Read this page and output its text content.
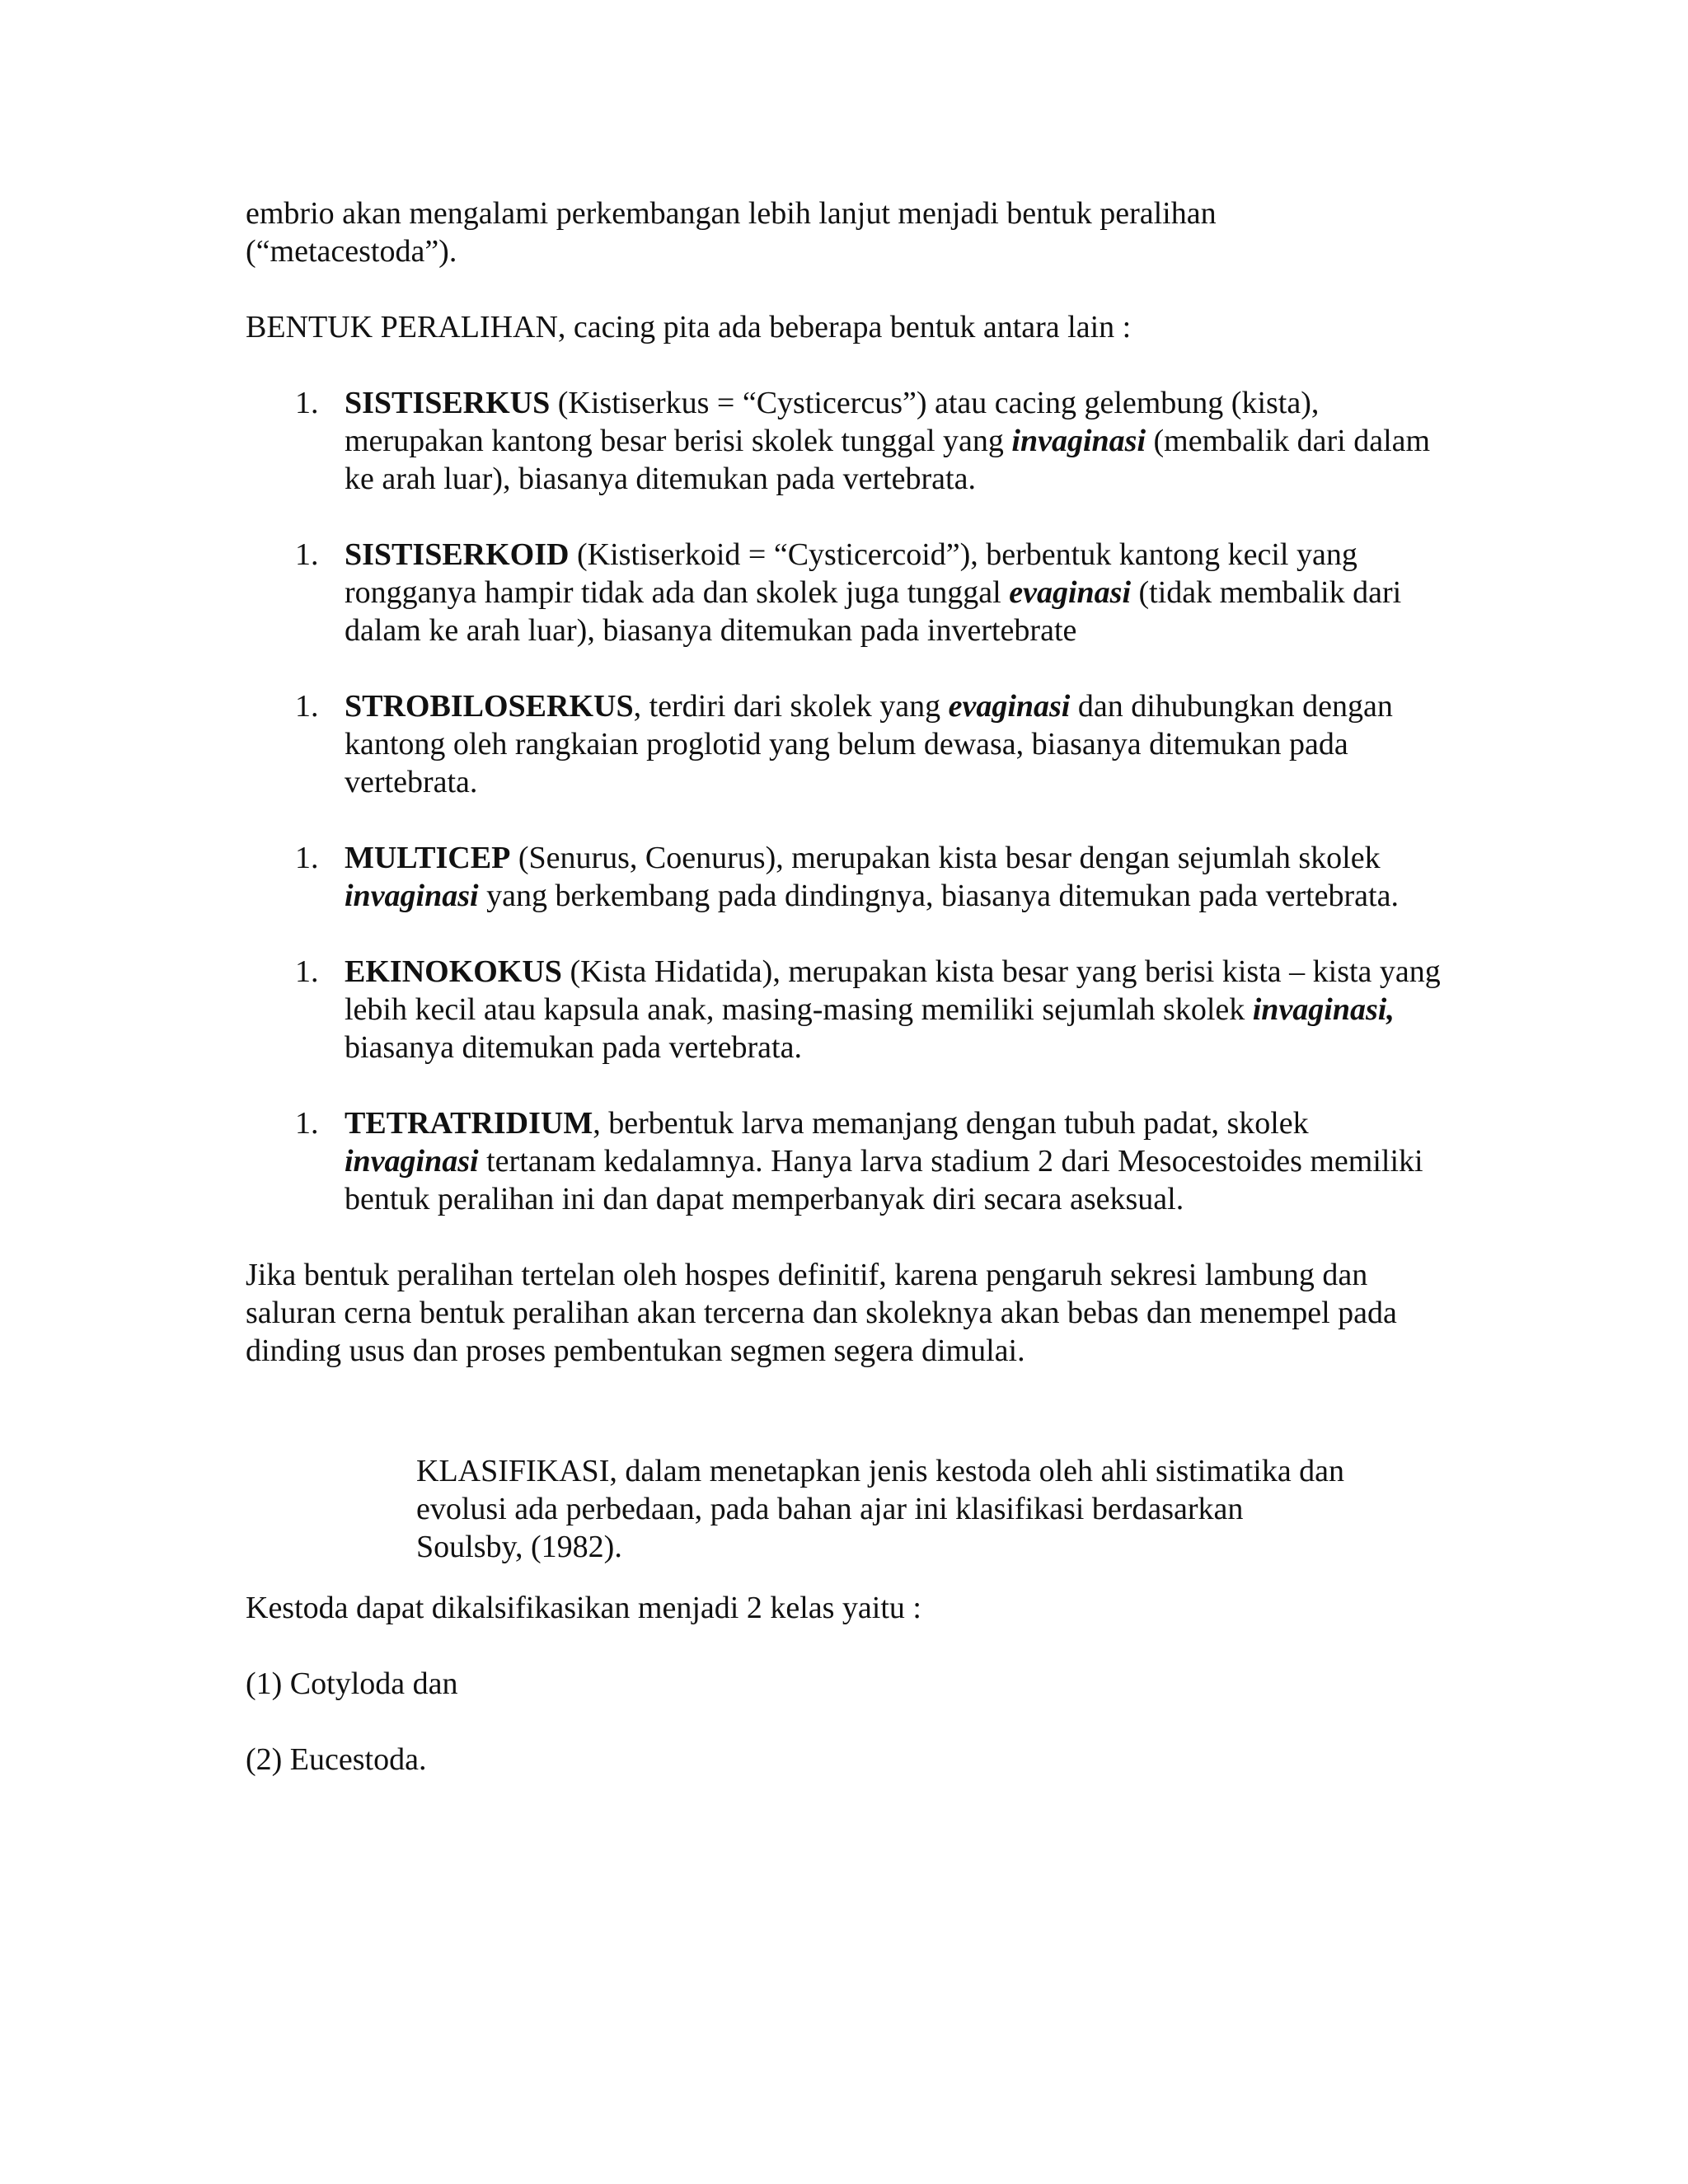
embrio akan mengalami perkembangan lebih lanjut menjadi bentuk peralihan
(“metacestoda”).

BENTUK PERALIHAN, cacing pita ada beberapa bentuk antara lain :

1. SISTISERKUS (Kistiserkus = “Cysticercus”) atau cacing gelembung (kista), merupakan kantong besar berisi skolek tunggal yang invaginasi (membalik dari dalam ke arah luar), biasanya ditemukan pada vertebrata.
1. SISTISERKOID (Kistiserkoid = “Cysticercoid”), berbentuk kantong kecil yang rongganya hampir tidak ada dan skolek juga tunggal evaginasi (tidak membalik dari dalam ke arah luar), biasanya ditemukan pada invertebrate
1. STROBILOSERKUS, terdiri dari skolek yang evaginasi dan dihubungkan dengan kantong oleh rangkaian proglotid yang belum dewasa, biasanya ditemukan pada vertebrata.
1. MULTICEP (Senurus, Coenurus), merupakan kista besar dengan sejumlah skolek invaginasi yang berkembang pada dindingnya, biasanya ditemukan pada vertebrata.
1. EKINOKOKUS (Kista Hidatida), merupakan kista besar yang berisi kista – kista yang lebih kecil atau kapsula anak, masing-masing memiliki sejumlah skolek invaginasi, biasanya ditemukan pada vertebrata.
1. TETRATRIDIUM, berbentuk larva memanjang dengan tubuh padat, skolek invaginasi tertanam kedalamnya. Hanya larva stadium 2 dari Mesocestoides memiliki bentuk peralihan ini dan dapat memperbanyak diri secara aseksual.

Jika bentuk peralihan tertelan oleh hospes definitif, karena pengaruh sekresi lambung dan saluran cerna bentuk peralihan akan tercerna dan skoleknya akan bebas dan menempel pada dinding usus dan proses pembentukan segmen segera dimulai.

KLASIFIKASI, dalam menetapkan jenis kestoda oleh ahli sistimatika dan evolusi ada perbedaan, pada bahan ajar ini klasifikasi berdasarkan Soulsby, (1982).

Kestoda dapat dikalsifikasikan menjadi 2 kelas yaitu :

(1) Cotyloda dan

(2) Eucestoda.
